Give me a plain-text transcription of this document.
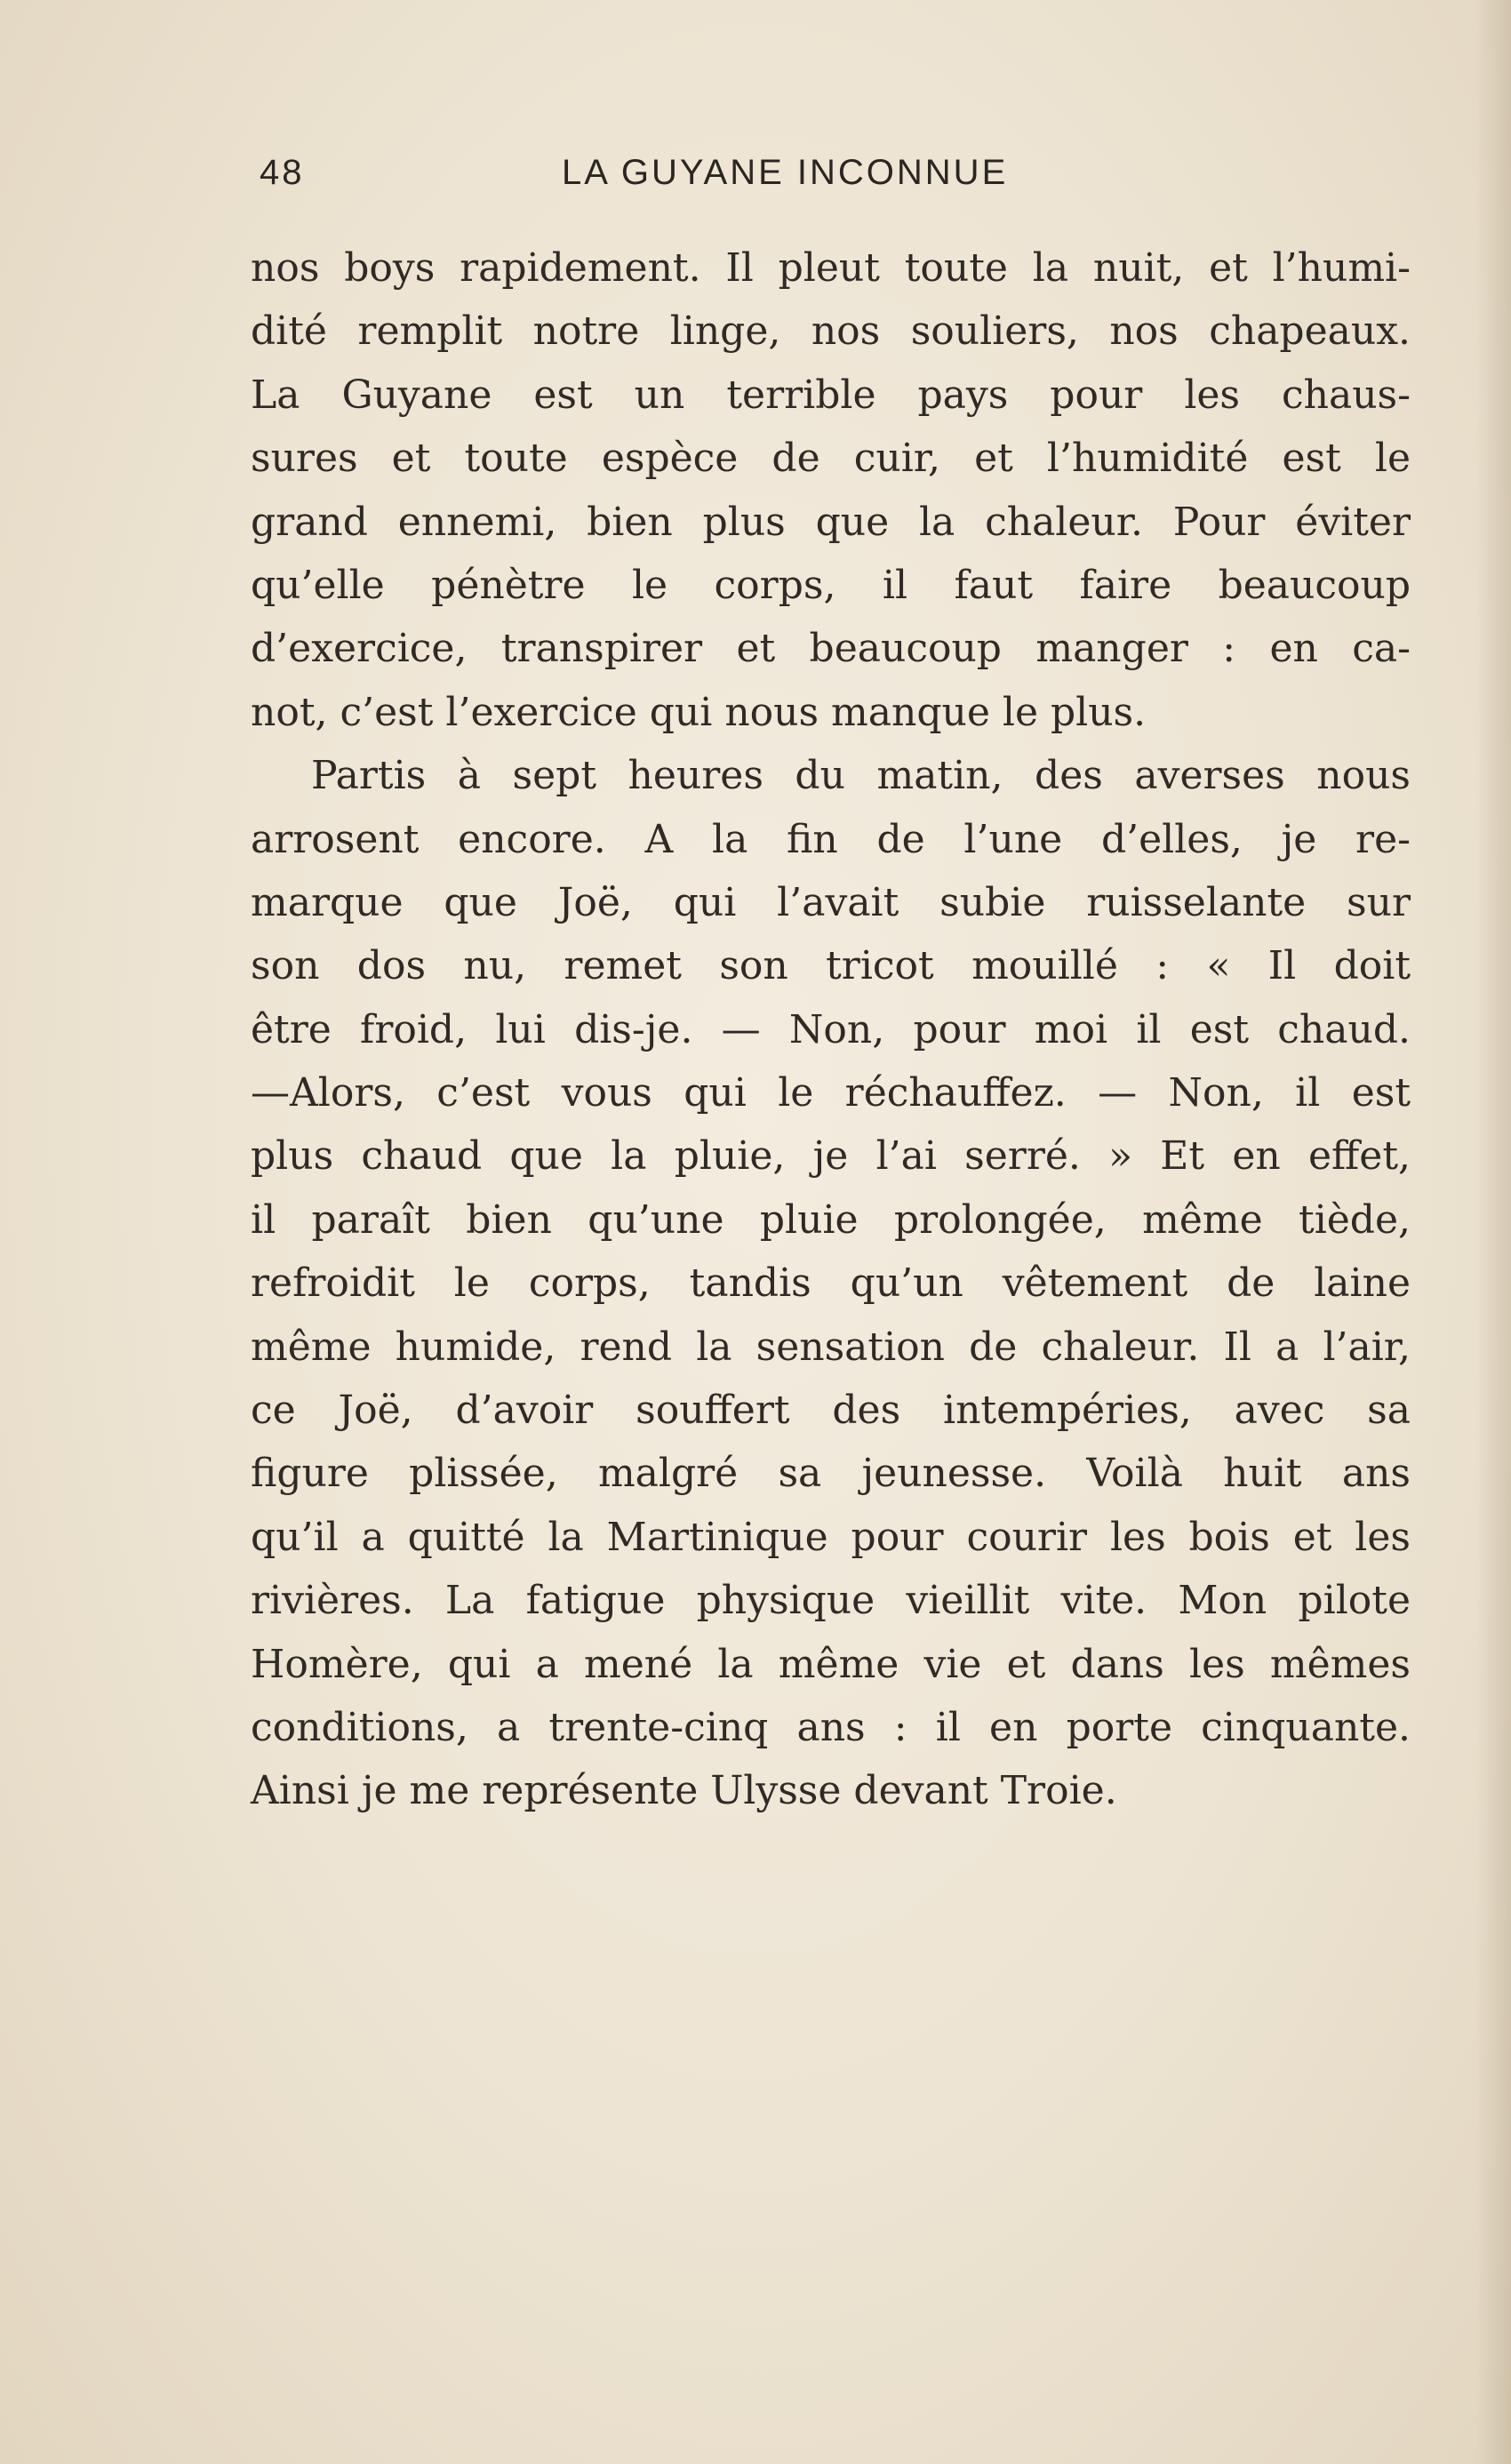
48	LA GUYANE INCONNUE
nos boys rapidement. Il pleut toute la nuit, et l’humi-
dité remplit notre linge, nos souliers, nos chapeaux.
La Guyane est un terrible pays pour les chaus-
sures et toute espèce de cuir, et l’humidité est le
grand ennemi, bien plus que la chaleur. Pour éviter
qu’elle pénètre le corps, il faut faire beaucoup
d’exercice, transpirer et beaucoup manger : en ca-
not, c’est l’exercice qui nous manque le plus.
Partis à sept heures du matin, des averses nous
arrosent encore. A la fin de l’une d’elles, je re-
marque que Joë, qui l’avait subie ruisselante sur
son dos nu, remet son tricot mouillé : « Il doit
être froid, lui dis-je. — Non, pour moi il est chaud.
—Alors, c’est vous qui le réchauffez. — Non, il est
plus chaud que la pluie, je l’ai serré. » Et en effet,
il paraît bien qu’une pluie prolongée, même tiède,
refroidit le corps, tandis qu’un vêtement de laine
même humide, rend la sensation de chaleur. Il a l’air,
ce Joë, d’avoir souffert des intempéries, avec sa
figure plissée, malgré sa jeunesse. Voilà huit ans
qu’il a quitté la Martinique pour courir les bois et les
rivières. La fatigue physique vieillit vite. Mon pilote
Homère, qui a mené la même vie et dans les mêmes
conditions, a trente-cinq ans : il en porte cinquante.
Ainsi je me représente Ulysse devant Troie.
